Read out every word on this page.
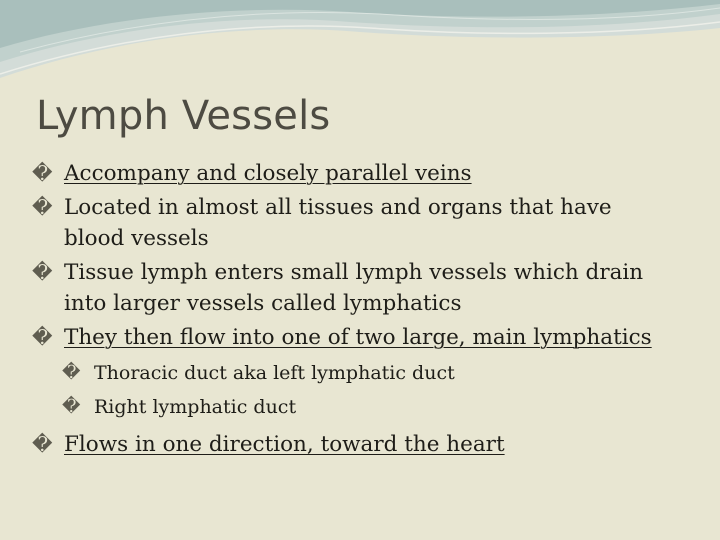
Lymph Vessels
� Accompany and closely parallel veins
� Located in almost all tissues and organs that have blood vessels
� Tissue lymph enters small lymph vessels which drain into larger vessels called lymphatics
� They then flow into one of two large, main lymphatics
� Thoracic duct aka left lymphatic duct
� Right lymphatic duct
� Flows in one direction, toward the heart
